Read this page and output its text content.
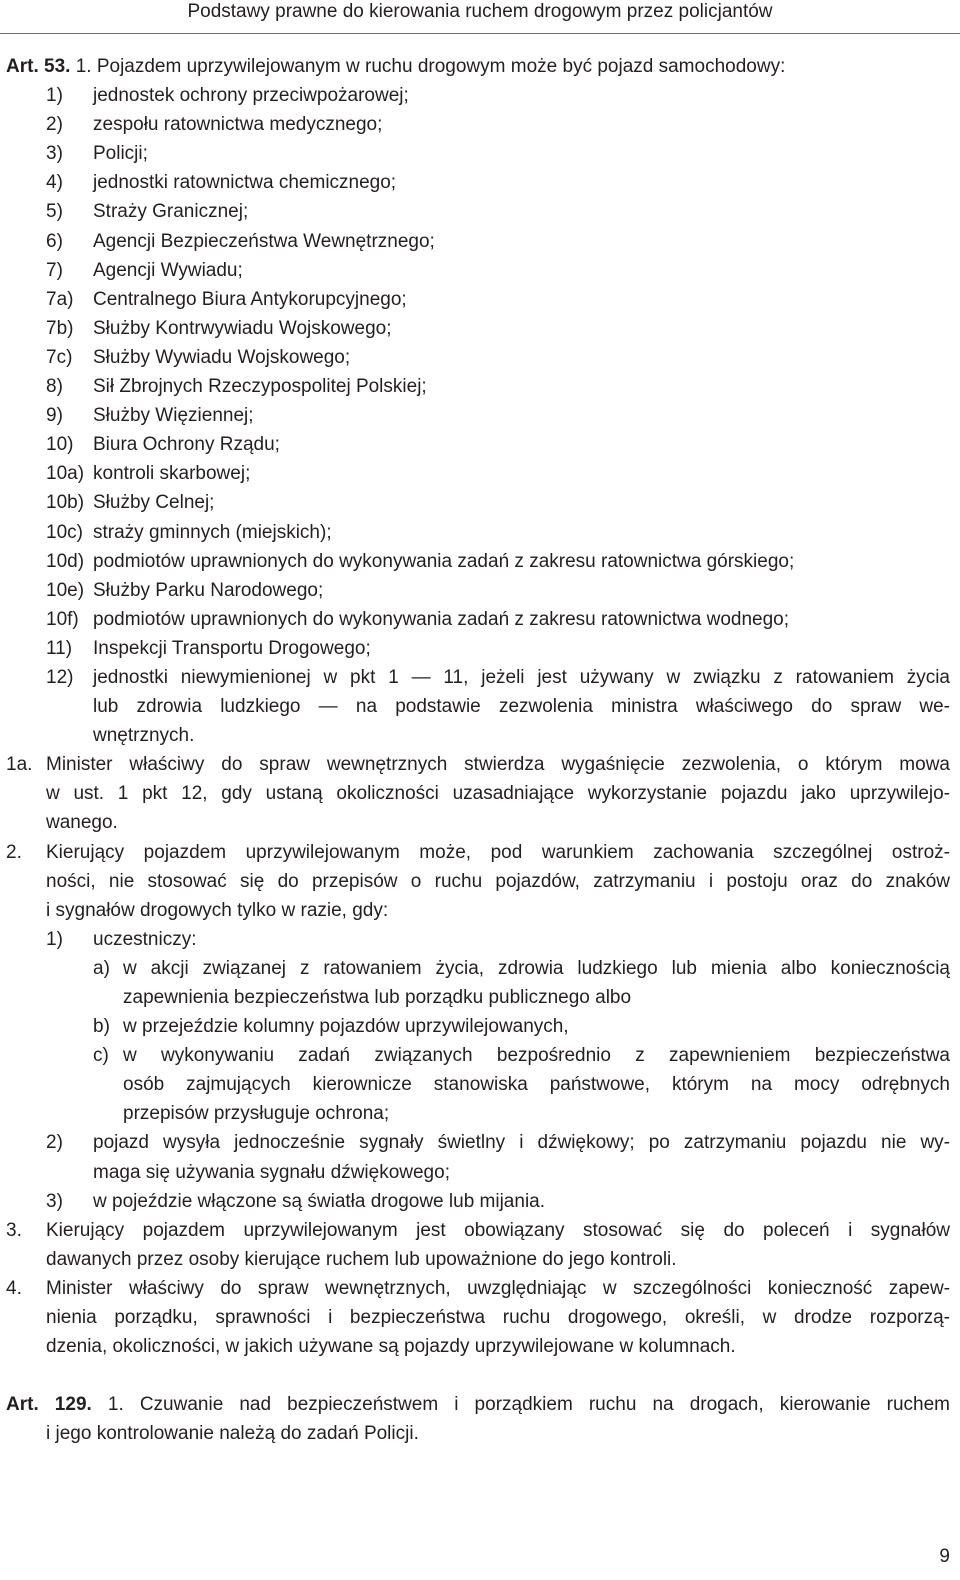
Podstawy prawne do kierowania ruchem drogowym przez policjantów
Art. 53. 1. Pojazdem uprzywilejowanym w ruchu drogowym może być pojazd samochodowy:
1)	jednostek ochrony przeciwpożarowej;
2)	zespołu ratownictwa medycznego;
3)	Policji;
4)	jednostki ratownictwa chemicznego;
5)	Straży Granicznej;
6)	Agencji Bezpieczeństwa Wewnętrznego;
7)	Agencji Wywiadu;
7a)	Centralnego Biura Antykorupcyjnego;
7b)	Służby Kontrwywiadu Wojskowego;
7c)	Służby Wywiadu Wojskowego;
8)	Sił Zbrojnych Rzeczypospolitej Polskiej;
9)	Służby Więziennej;
10)	Biura Ochrony Rządu;
10a) kontroli skarbowej;
10b) Służby Celnej;
10c) straży gminnych (miejskich);
10d) podmiotów uprawnionych do wykonywania zadań z zakresu ratownictwa górskiego;
10e) Służby Parku Narodowego;
10f) podmiotów uprawnionych do wykonywania zadań z zakresu ratownictwa wodnego;
11)	Inspekcji Transportu Drogowego;
12)	jednostki niewymienionej w pkt 1 — 11, jeżeli jest używany w związku z ratowaniem życia
lub zdrowia ludzkiego — na podstawie zezwolenia ministra właściwego do spraw we-
wnętrznych.
1a. Minister właściwy do spraw wewnętrznych stwierdza wygaśnięcie zezwolenia, o którym mowa
w ust. 1 pkt 12, gdy ustaną okoliczności uzasadniające wykorzystanie pojazdu jako uprzywilejo-
wanego.
2.	Kierujący pojazdem uprzywilejowanym może, pod warunkiem zachowania szczególnej ostroż-
ności, nie stosować się do przepisów o ruchu pojazdów, zatrzymaniu i postoju oraz do znaków
i sygnałów drogowych tylko w razie, gdy:
1)	uczestniczy:
a) w akcji związanej z ratowaniem życia, zdrowia ludzkiego lub mienia albo koniecznością
zapewnienia bezpieczeństwa lub porządku publicznego albo
b) w przejeździe kolumny pojazdów uprzywilejowanych,
c) w wykonywaniu zadań związanych bezpośrednio z zapewnieniem bezpieczeństwa
osób zajmujących kierownicze stanowiska państwowe, którym na mocy odrębnych
przepisów przysługuje ochrona;
2)	pojazd wysyła jednocześnie sygnały świetlny i dźwiękowy; po zatrzymaniu pojazdu nie wy-
maga się używania sygnału dźwiękowego;
3)	w pojeździe włączone są światła drogowe lub mijania.
3.	Kierujący pojazdem uprzywilejowanym jest obowiązany stosować się do poleceń i sygnałów
dawanych przez osoby kierujące ruchem lub upoważnione do jego kontroli.
4.	Minister właściwy do spraw wewnętrznych, uwzględniając w szczególności konieczność zapew-
nienia porządku, sprawności i bezpieczeństwa ruchu drogowego, określi, w drodze rozporzą-
dzenia, okoliczności, w jakich używane są pojazdy uprzywilejowane w kolumnach.
Art. 129. 1. Czuwanie nad bezpieczeństwem i porządkiem ruchu na drogach, kierowanie ruchem
i jego kontrolowanie należą do zadań Policji.
9
